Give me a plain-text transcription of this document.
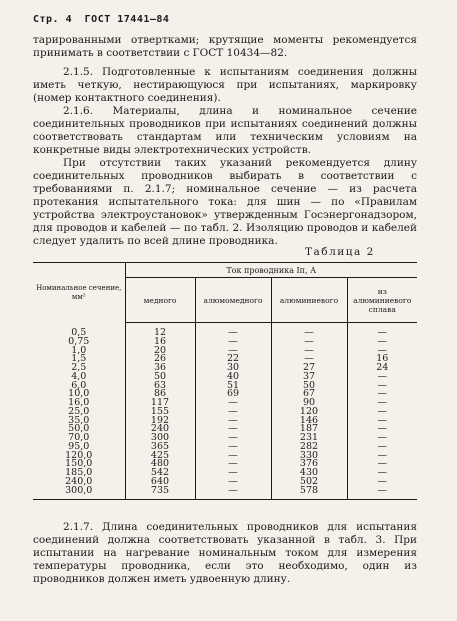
Стр. 4 ГОСТ 17441—84
тарированными отвертками; крутящие моменты рекомендуется принимать в соответствии с ГОСТ 10434—82.
2.1.5. Подготовленные к испытаниям соединения должны иметь четкую, нестирающуюся при испытаниях, маркировку (номер контактного соединения).
2.1.6. Материалы, длина и номинальное сечение соединительных проводников при испытаниях соединений должны соответствовать стандартам или техническим условиям на конкретные виды электротехнических устройств.
При отсутствии таких указаний рекомендуется длину соединительных проводников выбирать в соответствии с требованиями п. 2.1.7; номинальное сечение — из расчета протекания испытательного тока: для шин — по «Правилам устройства электроустановок» утвержденным Госэнергонадзором, для проводов и кабелей — по табл. 2. Изоляцию проводов и кабелей следует удалить по всей длине проводника.
Таблица 2
Номинальное сечение, мм²	Ток проводника Iп, А			
	медного	алюмомедного	алюминиевого	из алюминиевого сплава
0,5	12	—	—	—
0,75	16	—	—	—
1,0	20	—	—	—
1,5	26	22	—	16
2,5	36	30	27	24
4,0	50	40	37	—
6,0	63	51	50	—
10,0	86	69	67	—
16,0	117	—	90	—
25,0	155	—	120	—
35,0	192	—	146	—
50,0	240	—	187	—
70,0	300	—	231	—
95,0	365	—	282	—
120,0	425	—	330	—
150,0	480	—	376	—
185,0	542	—	430	—
240,0	640	—	502	—
300,0	735	—	578	—
2.1.7. Длина соединительных проводников для испытания соединений должна соответствовать указанной в табл. 3. При испытании на нагревание номинальным током для измерения температуры проводника, если это необходимо, один из проводников должен иметь удвоенную длину.
